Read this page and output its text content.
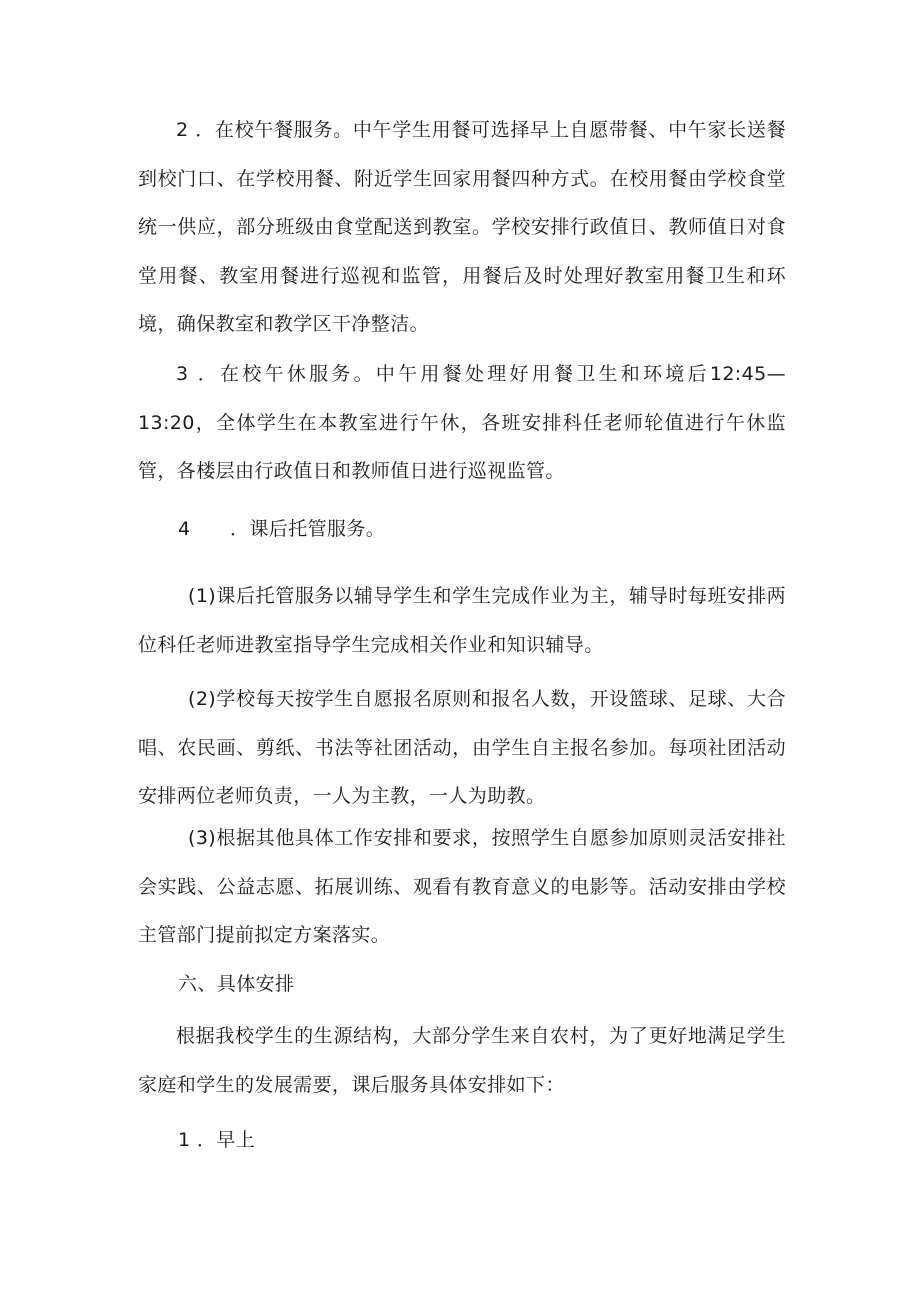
2 ．在校午餐服务。中午学生用餐可选择早上自愿带餐、中午家长送餐到校门口、在学校用餐、附近学生回家用餐四种方式。在校用餐由学校食堂统一供应，部分班级由食堂配送到教室。学校安排行政值日、教师值日对食堂用餐、教室用餐进行巡视和监管，用餐后及时处理好教室用餐卫生和环境，确保教室和教学区干净整洁。

3 ．在校午休服务。中午用餐处理好用餐卫生和环境后12:45—13:20，全体学生在本教室进行午休，各班安排科任老师轮值进行午休监管，各楼层由行政值日和教师值日进行巡视监管。

4 ．课后托管服务。

(1)课后托管服务以辅导学生和学生完成作业为主，辅导时每班安排两位科任老师进教室指导学生完成相关作业和知识辅导。

(2)学校每天按学生自愿报名原则和报名人数，开设篮球、足球、大合唱、农民画、剪纸、书法等社团活动，由学生自主报名参加。每项社团活动安排两位老师负责，一人为主教，一人为助教。

(3)根据其他具体工作安排和要求，按照学生自愿参加原则灵活安排社会实践、公益志愿、拓展训练、观看有教育意义的电影等。活动安排由学校主管部门提前拟定方案落实。

六、具体安排

根据我校学生的生源结构，大部分学生来自农村，为了更好地满足学生家庭和学生的发展需要，课后服务具体安排如下：

1 ．早上
